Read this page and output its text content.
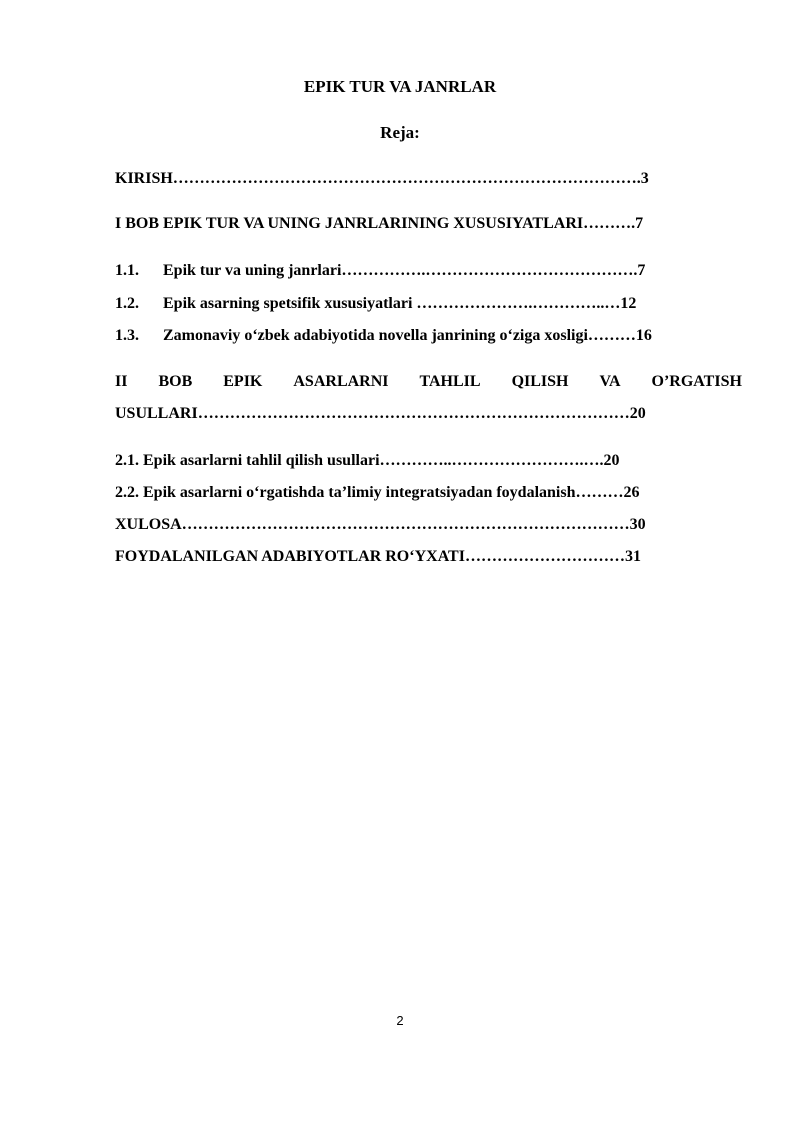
EPIK TUR VA JANRLAR
Reja:
KIRISH…………………………………………………………………………….3
I BOB EPIK TUR VA UNING JANRLARINING XUSUSIYATLARI……….7
1.1. Epik tur va uning janrlari…………….………………………………….7
1.2. Epik asarning spetsifik xususiyatlari ………………….…………..…12
1.3. Zamonaviy o‘zbek adabiyotida novella janrining o‘ziga xosligi………16
II BOB EPIK ASARLARNI TAHLIL QILISH VA O’RGATISH
USULLARI………………………………………………………………………20
2.1. Epik asarlarni tahlil qilish usullari…………..…………………….….20
2.2. Epik asarlarni o‘rgatishda ta’limiy integratsiyadan foydalanish………26
XULOSA…………………………………………………………………………30
FOYDALANILGAN ADABIYOTLAR RO‘YXATI…………………………31
2
